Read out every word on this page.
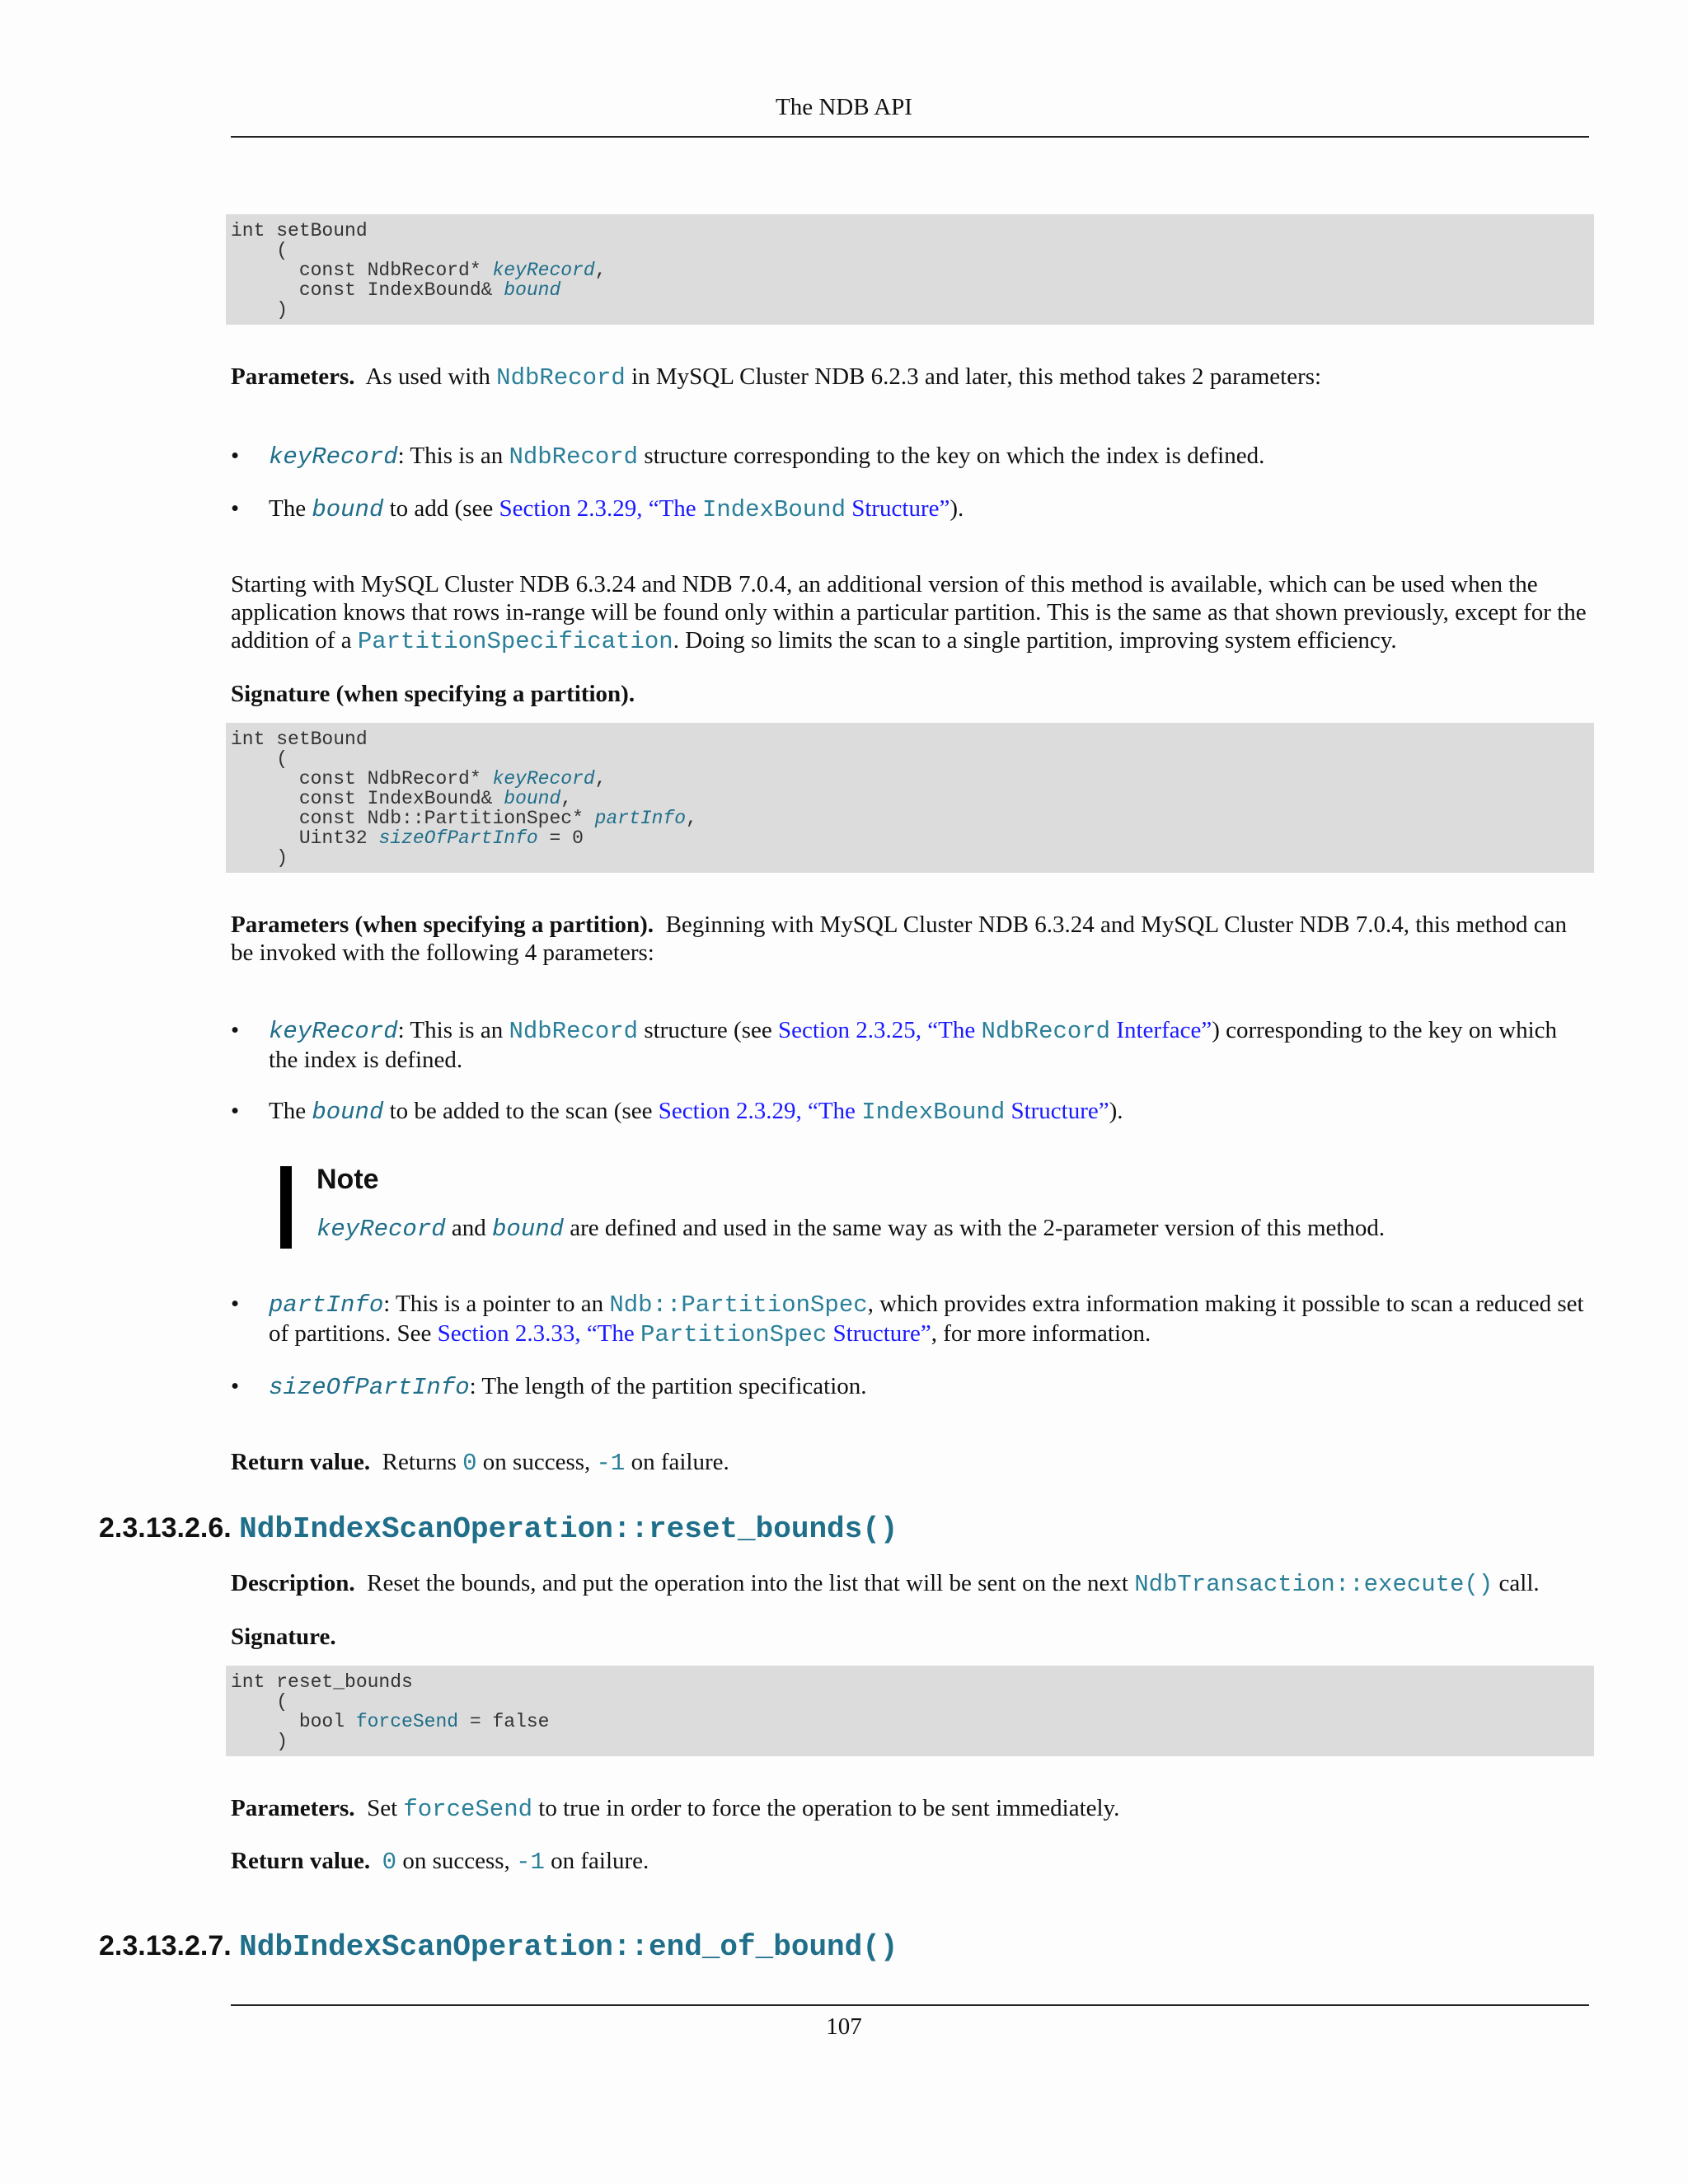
The NDB API
int setBound
(
const NdbRecord* keyRecord,
const IndexBound& bound
)

Parameters. As used with NdbRecord in MySQL Cluster NDB 6.2.3 and later, this method takes 2 parameters:

• keyRecord: This is an NdbRecord structure corresponding to the key on which the index is defined.
• The bound to add (see Section 2.3.29, “The IndexBound Structure”).

Starting with MySQL Cluster NDB 6.3.24 and NDB 7.0.4, an additional version of this method is available, which can be used when the application knows that rows in-range will be found only within a particular partition. This is the same as that shown previously, except for the addition of a PartitionSpecification. Doing so limits the scan to a single partition, improving system efficiency.

Signature (when specifying a partition).

int setBound
(
const NdbRecord* keyRecord,
const IndexBound& bound,
const Ndb::PartitionSpec* partInfo,
Uint32 sizeOfPartInfo = 0
)

Parameters (when specifying a partition). Beginning with MySQL Cluster NDB 6.3.24 and MySQL Cluster NDB 7.0.4, this method can be invoked with the following 4 parameters:

• keyRecord: This is an NdbRecord structure (see Section 2.3.25, “The NdbRecord Interface”) corresponding to the key on which the index is defined.
• The bound to be added to the scan (see Section 2.3.29, “The IndexBound Structure”).
Note

keyRecord and bound are defined and used in the same way as with the 2-parameter version of this method.

• partInfo: This is a pointer to an Ndb::PartitionSpec, which provides extra information making it possible to scan a reduced set of partitions. See Section 2.3.33, “The PartitionSpec Structure”, for more information.
• sizeOfPartInfo: The length of the partition specification.

Return value. Returns 0 on success, -1 on failure.

2.3.13.2.6. NdbIndexScanOperation::reset_bounds()

Description. Reset the bounds, and put the operation into the list that will be sent on the next NdbTransaction::execute() call.

Signature.

int reset_bounds
(
bool forceSend = false
)

Parameters. Set forceSend to true in order to force the operation to be sent immediately.

Return value. 0 on success, -1 on failure.

2.3.13.2.7. NdbIndexScanOperation::end_of_bound()
107
